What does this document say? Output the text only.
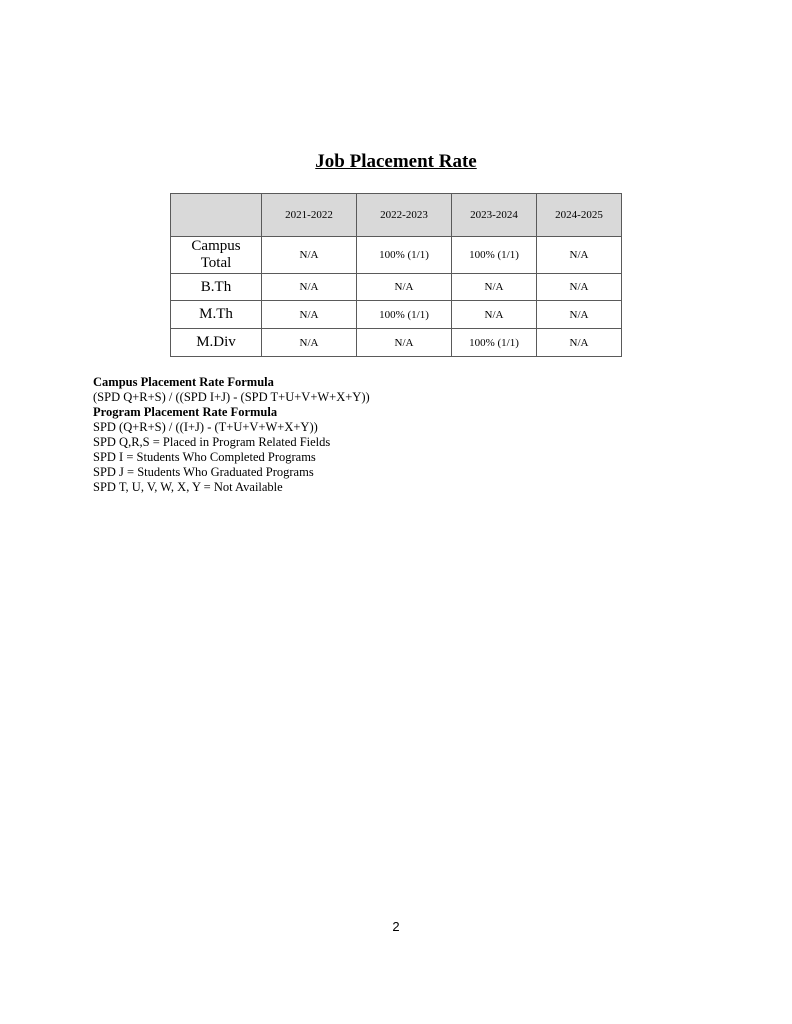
Job Placement Rate
	2021-2022	2022-2023	2023-2024	2024-2025
Campus Total	N/A	100% (1/1)	100% (1/1)	N/A
B.Th	N/A	N/A	N/A	N/A
M.Th	N/A	100% (1/1)	N/A	N/A
M.Div	N/A	N/A	100% (1/1)	N/A
Campus Placement Rate Formula
(SPD Q+R+S) / ((SPD I+J) - (SPD T+U+V+W+X+Y))
Program Placement Rate Formula
SPD (Q+R+S) / ((I+J) - (T+U+V+W+X+Y))
SPD Q,R,S = Placed in Program Related Fields
SPD I = Students Who Completed Programs
SPD J = Students Who Graduated Programs
SPD T, U, V, W, X, Y = Not Available
2
